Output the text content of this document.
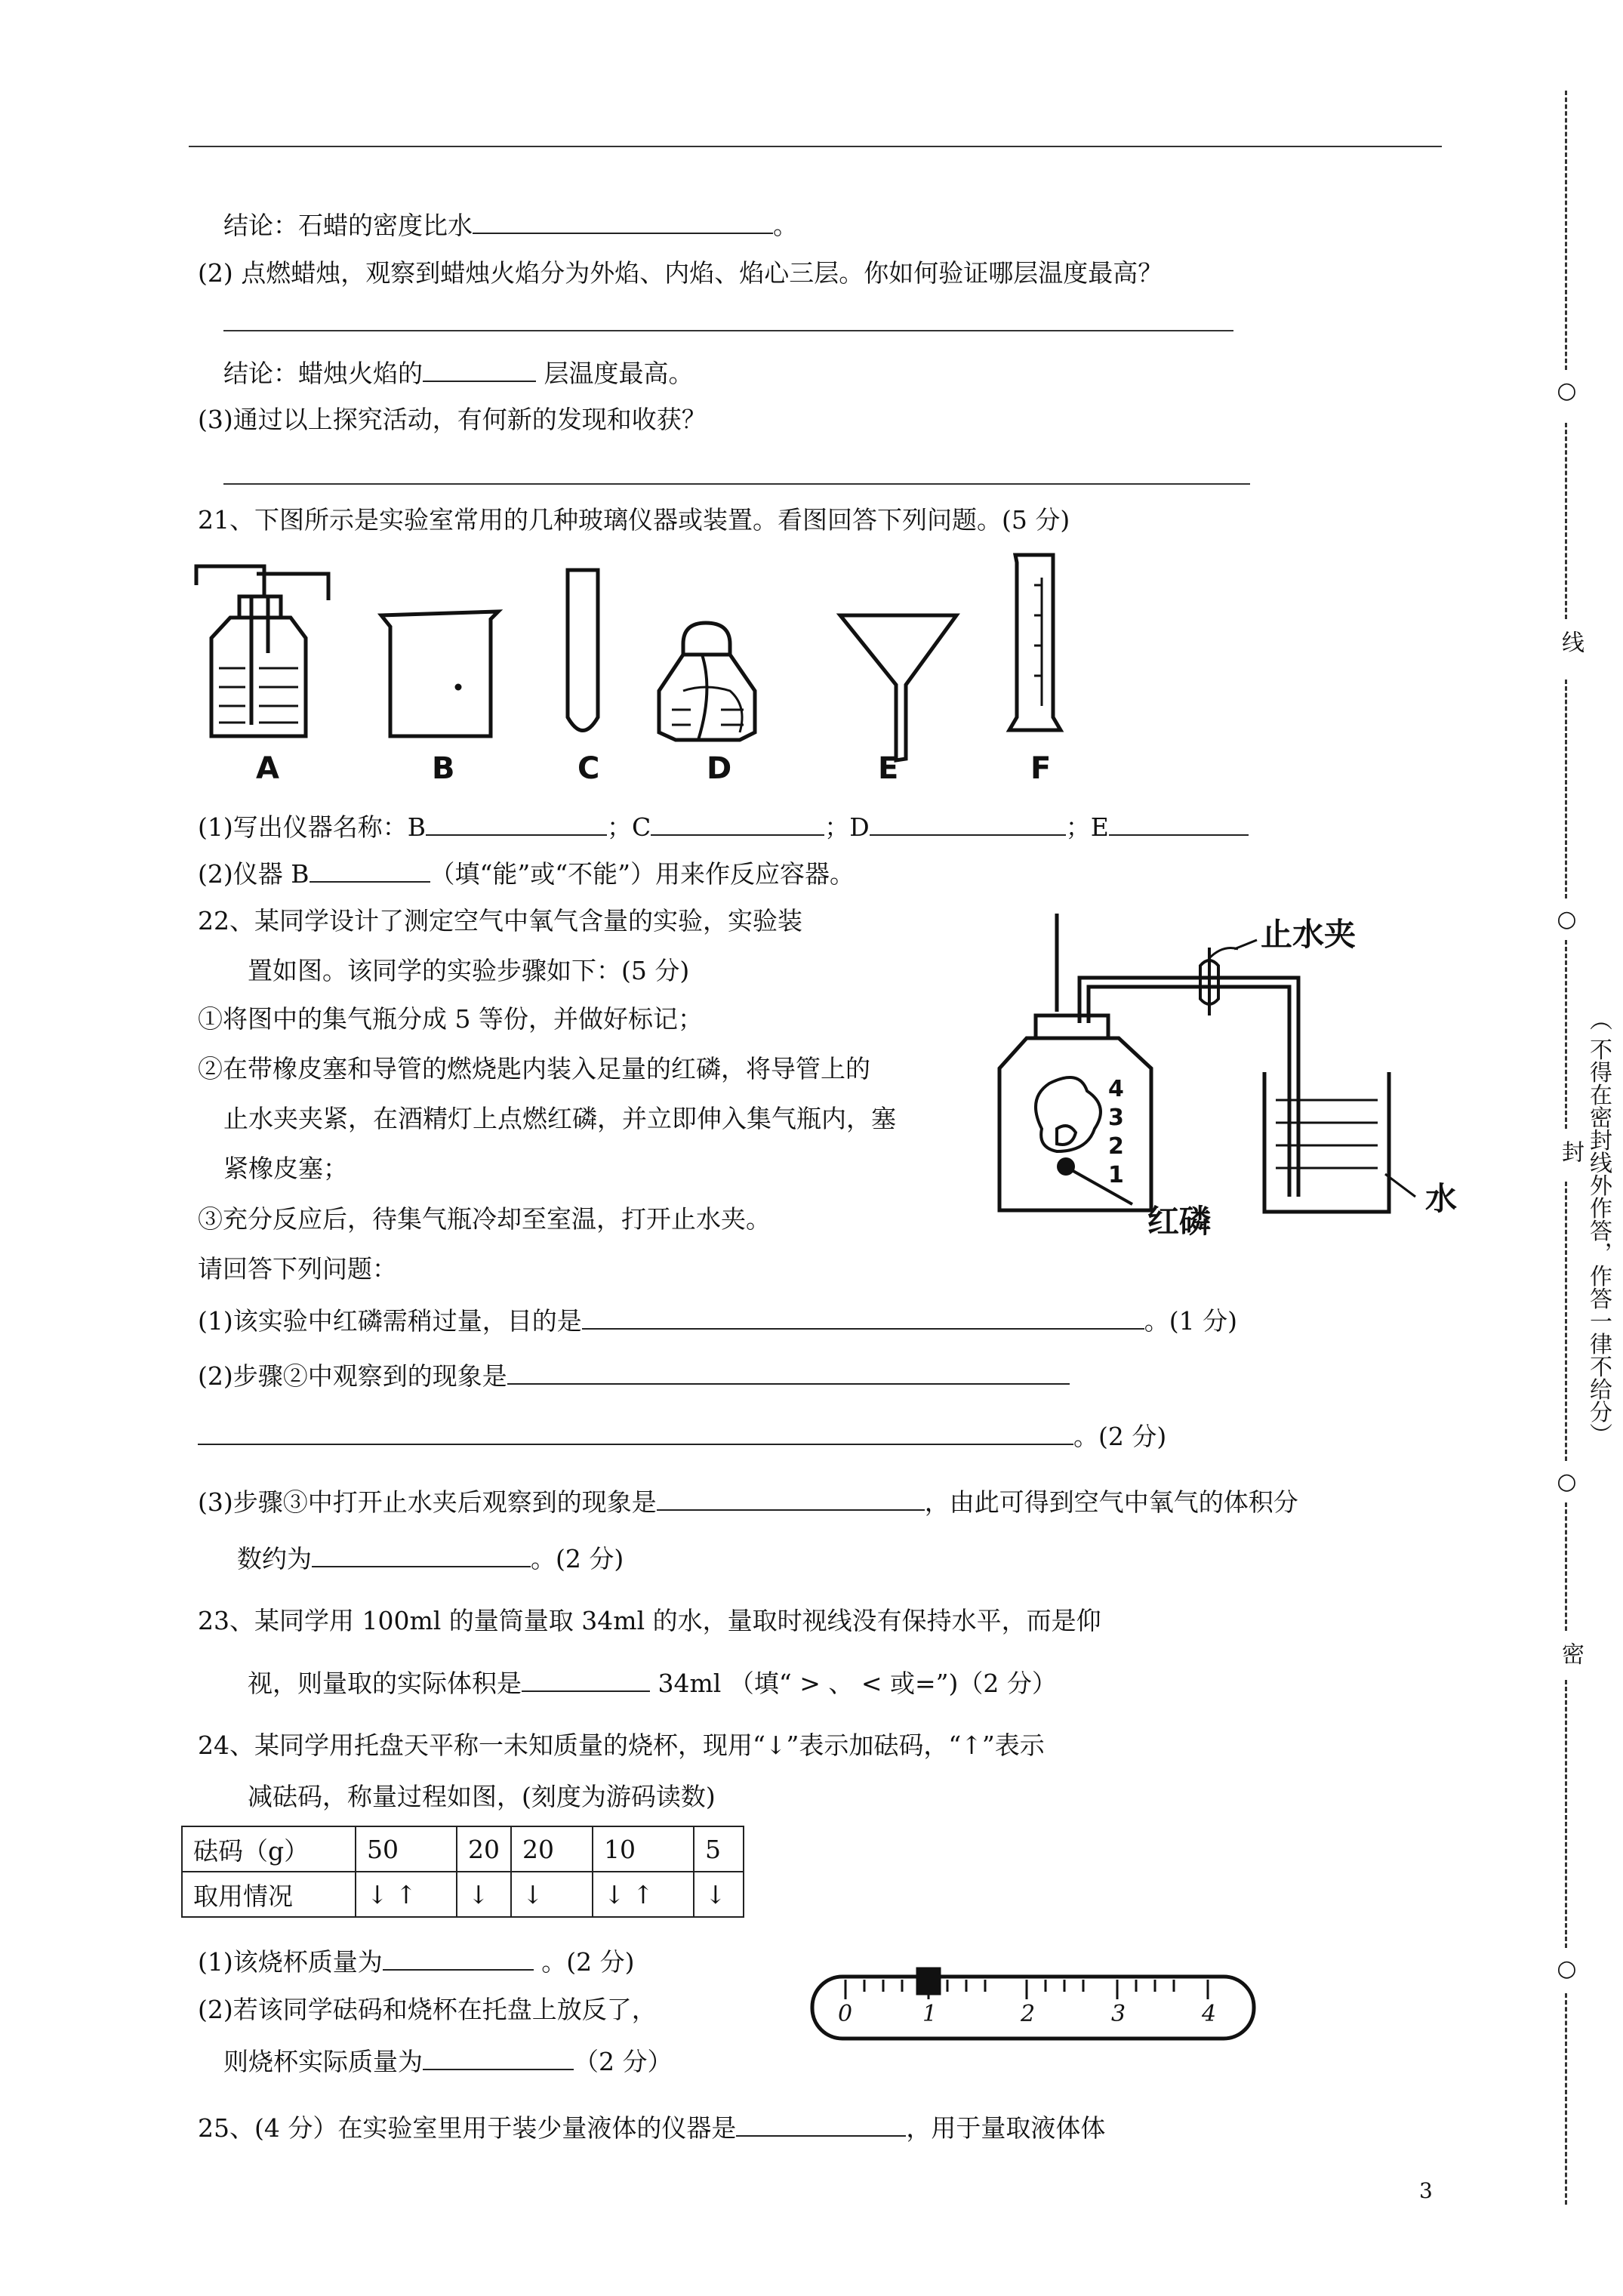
结论：石蜡的密度比水	。
(2) 点燃蜡烛，观察到蜡烛火焰分为外焰、内焰、焰心三层。你如何验证哪层温度最高？
结论：蜡烛火焰的	层温度最高。
(3)通过以上探究活动，有何新的发现和收获？
21、下图所示是实验室常用的几种玻璃仪器或装置。看图回答下列问题。(5 分)
A	B	C	D	E	F
(1)写出仪器名称：B	；C	；D	；E
(2)仪器 B	（填“能”或“不能”）用来作反应容器。
22、某同学设计了测定空气中氧气含量的实验，实验装
置如图。该同学的实验步骤如下：(5 分)
①将图中的集气瓶分成 5 等份，并做好标记；
②在带橡皮塞和导管的燃烧匙内装入足量的红磷，将导管上的
止水夹夹紧，在酒精灯上点燃红磷，并立即伸入集气瓶内，塞
紧橡皮塞；
③充分反应后，待集气瓶冷却至室温，打开止水夹。
止水夹
红磷
水
4
3
2
1
请回答下列问题：
(1)该实验中红磷需稍过量，目的是	。(1 分)
(2)步骤②中观察到的现象是
。(2 分)
(3)步骤③中打开止水夹后观察到的现象是	，由此可得到空气中氧气的体积分
数约为	。(2 分)
23、某同学用 100ml 的量筒量取 34ml 的水，量取时视线没有保持水平，而是仰
视，则量取的实际体积是	34ml （填“ > 、 < 或=”)（2 分）
24、某同学用托盘天平称一未知质量的烧杯，现用“↓”表示加砝码，“↑”表示
减砝码，称量过程如图，(刻度为游码读数)
砝码（g）	50	20	20	10	5
取用情况	↓ ↑	↓	↓	↓ ↑	↓
(1)该烧杯质量为	。(2 分)
(2)若该同学砝码和烧杯在托盘上放反了，
则烧杯实际质量为	（2 分）
0	1	2	3	4
25、(4 分）在实验室里用于装少量液体的仪器是	，用于量取液体体
3
○
线
○
封
○
密
○
（ 不得在密封线外作答，作答一律不给分）
